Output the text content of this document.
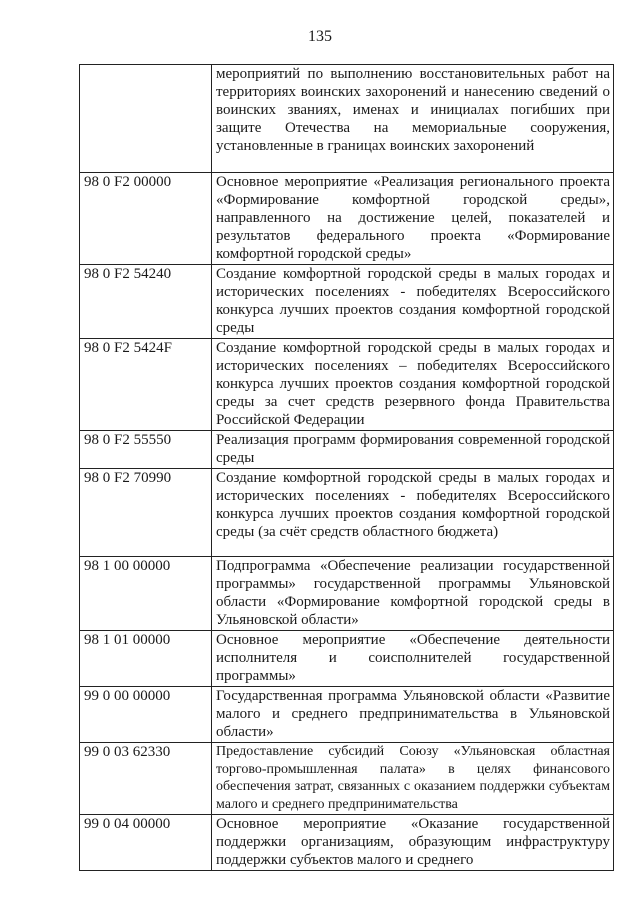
135
	мероприятий по выполнению восстановительных работ на территориях воинских захоронений и нанесению сведений о воинских званиях, именах и инициалах погибших при защите Отечества на мемориальные сооружения, установленные в границах воинских захоронений
98 0 F2 00000	Основное мероприятие «Реализация регионального проекта «Формирование комфортной городской среды», направленного на достижение целей, показателей и результатов федерального проекта «Формирование комфортной городской среды»
98 0 F2 54240	Создание комфортной городской среды в малых городах и исторических поселениях - победителях Всероссийского конкурса лучших проектов создания комфортной городской среды
98 0 F2 5424F	Создание комфортной городской среды в малых городах и исторических поселениях – победителях Всероссийского конкурса лучших проектов создания комфортной городской среды за счет средств резервного фонда Правительства Российской Федерации
98 0 F2 55550	Реализация программ формирования современной городской среды
98 0 F2 70990	Создание комфортной городской среды в малых городах и исторических поселениях - победителях Всероссийского конкурса лучших проектов создания комфортной городской среды (за счёт средств областного бюджета)
98 1 00 00000	Подпрограмма «Обеспечение реализации государственной программы» государственной программы Ульяновской области «Формирование комфортной городской среды в Ульяновской области»
98 1 01 00000	Основное мероприятие «Обеспечение деятельности исполнителя и соисполнителей государственной программы»
99 0 00 00000	Государственная программа Ульяновской области «Развитие малого и среднего предпринимательства в Ульяновской области»
99 0 03 62330	Предоставление субсидий Союзу «Ульяновская областная торгово-промышленная палата» в целях финансового обеспечения затрат, связанных с оказанием поддержки субъектам малого и среднего предпринимательства
99 0 04 00000	Основное мероприятие «Оказание государственной поддержки организациям, образующим инфраструктуру поддержки субъектов малого и среднего
